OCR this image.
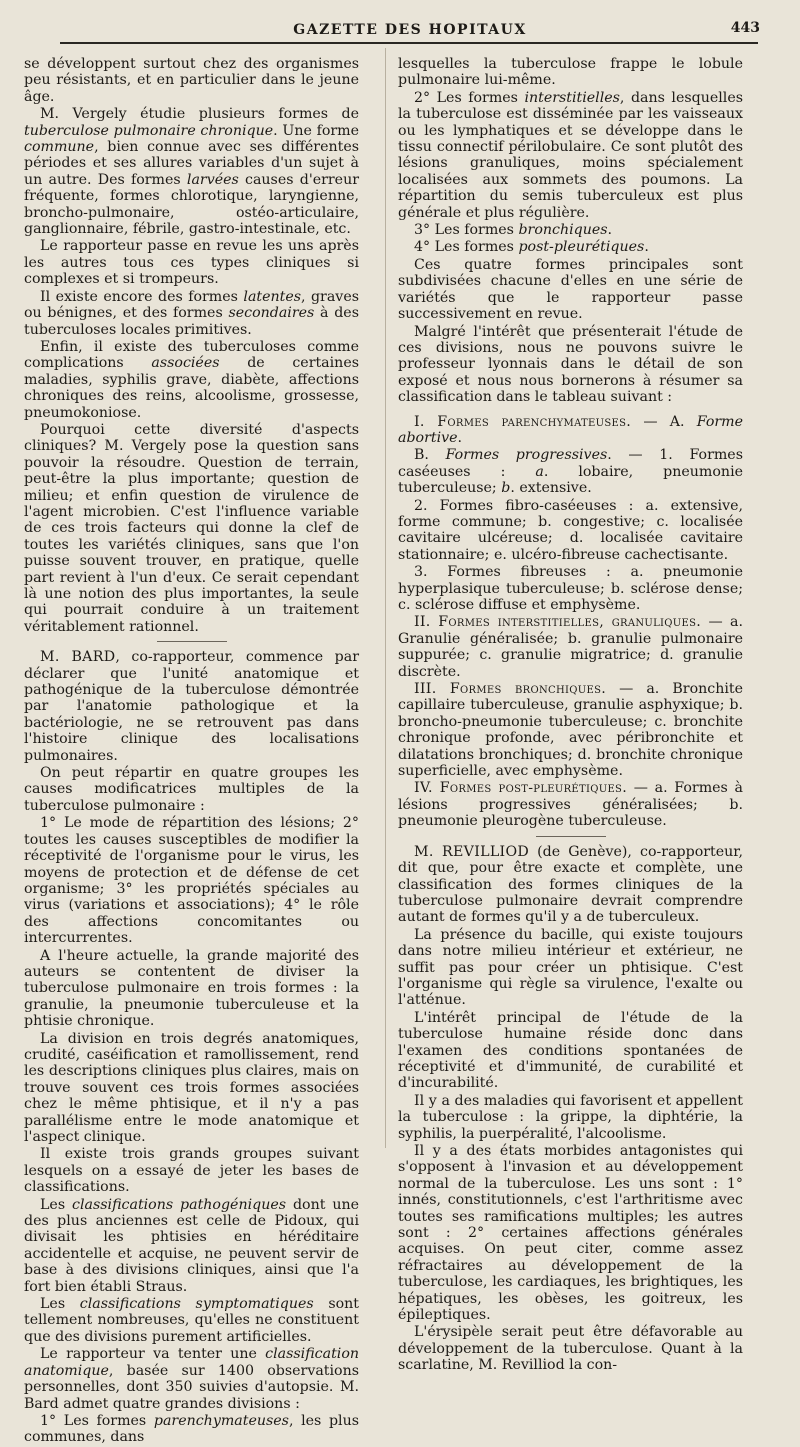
GAZETTE DES HOPITAUX	443

se développent surtout chez des organismes peu résistants, et en particulier dans le jeune âge.

M. Vergely étudie plusieurs formes de tuberculose pulmonaire chronique. Une forme commune, bien connue avec ses différentes périodes et ses allures variables d'un sujet à un autre. Des formes larvées causes d'erreur fréquente, formes chlorotique, laryngienne, broncho-pulmonaire, ostéo-articulaire, ganglionnaire, fébrile, gastro-intestinale, etc.

Le rapporteur passe en revue les uns après les autres tous ces types cliniques si complexes et si trompeurs.

Il existe encore des formes latentes, graves ou bénignes, et des formes secondaires à des tuberculoses locales primitives.

Enfin, il existe des tuberculoses comme complications associées de certaines maladies, syphilis grave, diabète, affections chroniques des reins, alcoolisme, grossesse, pneumokoniose.

Pourquoi cette diversité d'aspects cliniques? M. Vergely pose la question sans pouvoir la résoudre. Question de terrain, peut-être la plus importante; question de milieu; et enfin question de virulence de l'agent microbien. C'est l'influence variable de ces trois facteurs qui donne la clef de toutes les variétés cliniques, sans que l'on puisse souvent trouver, en pratique, quelle part revient à l'un d'eux. Ce serait cependant là une notion des plus importantes, la seule qui pourrait conduire à un traitement véritablement rationnel.

M. BARD, co-rapporteur, commence par déclarer que l'unité anatomique et pathogénique de la tuberculose démontrée par l'anatomie pathologique et la bactériologie, ne se retrouvent pas dans l'histoire clinique des localisations pulmonaires.

On peut répartir en quatre groupes les causes modificatrices multiples de la tuberculose pulmonaire :

1° Le mode de répartition des lésions; 2° toutes les causes susceptibles de modifier la réceptivité de l'organisme pour le virus, les moyens de protection et de défense de cet organisme; 3° les propriétés spéciales au virus (variations et associations); 4° le rôle des affections concomitantes ou intercurrentes.

A l'heure actuelle, la grande majorité des auteurs se contentent de diviser la tuberculose pulmonaire en trois formes : la granulie, la pneumonie tuberculeuse et la phtisie chronique.

La division en trois degrés anatomiques, crudité, caséification et ramollissement, rend les descriptions cliniques plus claires, mais on trouve souvent ces trois formes associées chez le même phtisique, et il n'y a pas parallélisme entre le mode anatomique et l'aspect clinique.

Il existe trois grands groupes suivant lesquels on a essayé de jeter les bases de classifications.

Les classifications pathogéniques dont une des plus anciennes est celle de Pidoux, qui divisait les phtisies en héréditaire accidentelle et acquise, ne peuvent servir de base à des divisions cliniques, ainsi que l'a fort bien établi Straus.

Les classifications symptomatiques sont tellement nombreuses, qu'elles ne constituent que des divisions purement artificielles.

Le rapporteur va tenter une classification anatomique, basée sur 1400 observations personnelles, dont 350 suivies d'autopsie. M. Bard admet quatre grandes divisions :

1° Les formes parenchymateuses, les plus communes, dans

lesquelles la tuberculose frappe le lobule pulmonaire lui-même.

2° Les formes interstitielles, dans lesquelles la tuberculose est disséminée par les vaisseaux ou les lymphatiques et se développe dans le tissu connectif périlobulaire. Ce sont plutôt des lésions granuliques, moins spécialement localisées aux sommets des poumons. La répartition du semis tuberculeux est plus générale et plus régulière.

3° Les formes bronchiques.

4° Les formes post-pleurétiques.

Ces quatre formes principales sont subdivisées chacune d'elles en une série de variétés que le rapporteur passe successivement en revue.

Malgré l'intérêt que présenterait l'étude de ces divisions, nous ne pouvons suivre le professeur lyonnais dans le détail de son exposé et nous nous bornerons à résumer sa classification dans le tableau suivant :

I. Formes parenchymateuses. — A. Forme abortive.

B. Formes progressives. — 1. Formes caséeuses : a. lobaire, pneumonie tuberculeuse; b. extensive.

2. Formes fibro-caséeuses : a. extensive, forme commune; b. congestive; c. localisée cavitaire ulcéreuse; d. localisée cavitaire stationnaire; e. ulcéro-fibreuse cachectisante.

3. Formes fibreuses : a. pneumonie hyperplasique tuberculeuse; b. sclérose dense; c. sclérose diffuse et emphysème.

II. Formes interstitielles, granuliques. — a. Granulie généralisée; b. granulie pulmonaire suppurée; c. granulie migratrice; d. granulie discrète.

III. Formes bronchiques. — a. Bronchite capillaire tuberculeuse, granulie asphyxique; b. broncho-pneumonie tuberculeuse; c. bronchite chronique profonde, avec péribronchite et dilatations bronchiques; d. bronchite chronique superficielle, avec emphysème.

IV. Formes post-pleurétiques. — a. Formes à lésions progressives généralisées; b. pneumonie pleurogène tuberculeuse.

M. REVILLIOD (de Genève), co-rapporteur, dit que, pour être exacte et complète, une classification des formes cliniques de la tuberculose pulmonaire devrait comprendre autant de formes qu'il y a de tuberculeux.

La présence du bacille, qui existe toujours dans notre milieu intérieur et extérieur, ne suffit pas pour créer un phtisique. C'est l'organisme qui règle sa virulence, l'exalte ou l'atténue.

L'intérêt principal de l'étude de la tuberculose humaine réside donc dans l'examen des conditions spontanées de réceptivité et d'immunité, de curabilité et d'incurabilité.

Il y a des maladies qui favorisent et appellent la tuberculose : la grippe, la diphtérie, la syphilis, la puerpéralité, l'alcoolisme.

Il y a des états morbides antagonistes qui s'opposent à l'invasion et au développement normal de la tuberculose. Les uns sont : 1° innés, constitutionnels, c'est l'arthritisme avec toutes ses ramifications multiples; les autres sont : 2° certaines affections générales acquises. On peut citer, comme assez réfractaires au développement de la tuberculose, les cardiaques, les brightiques, les hépatiques, les obèses, les goitreux, les épileptiques.

L'érysipèle serait peut être défavorable au développement de la tuberculose. Quant à la scarlatine, M. Revilliod la con-
